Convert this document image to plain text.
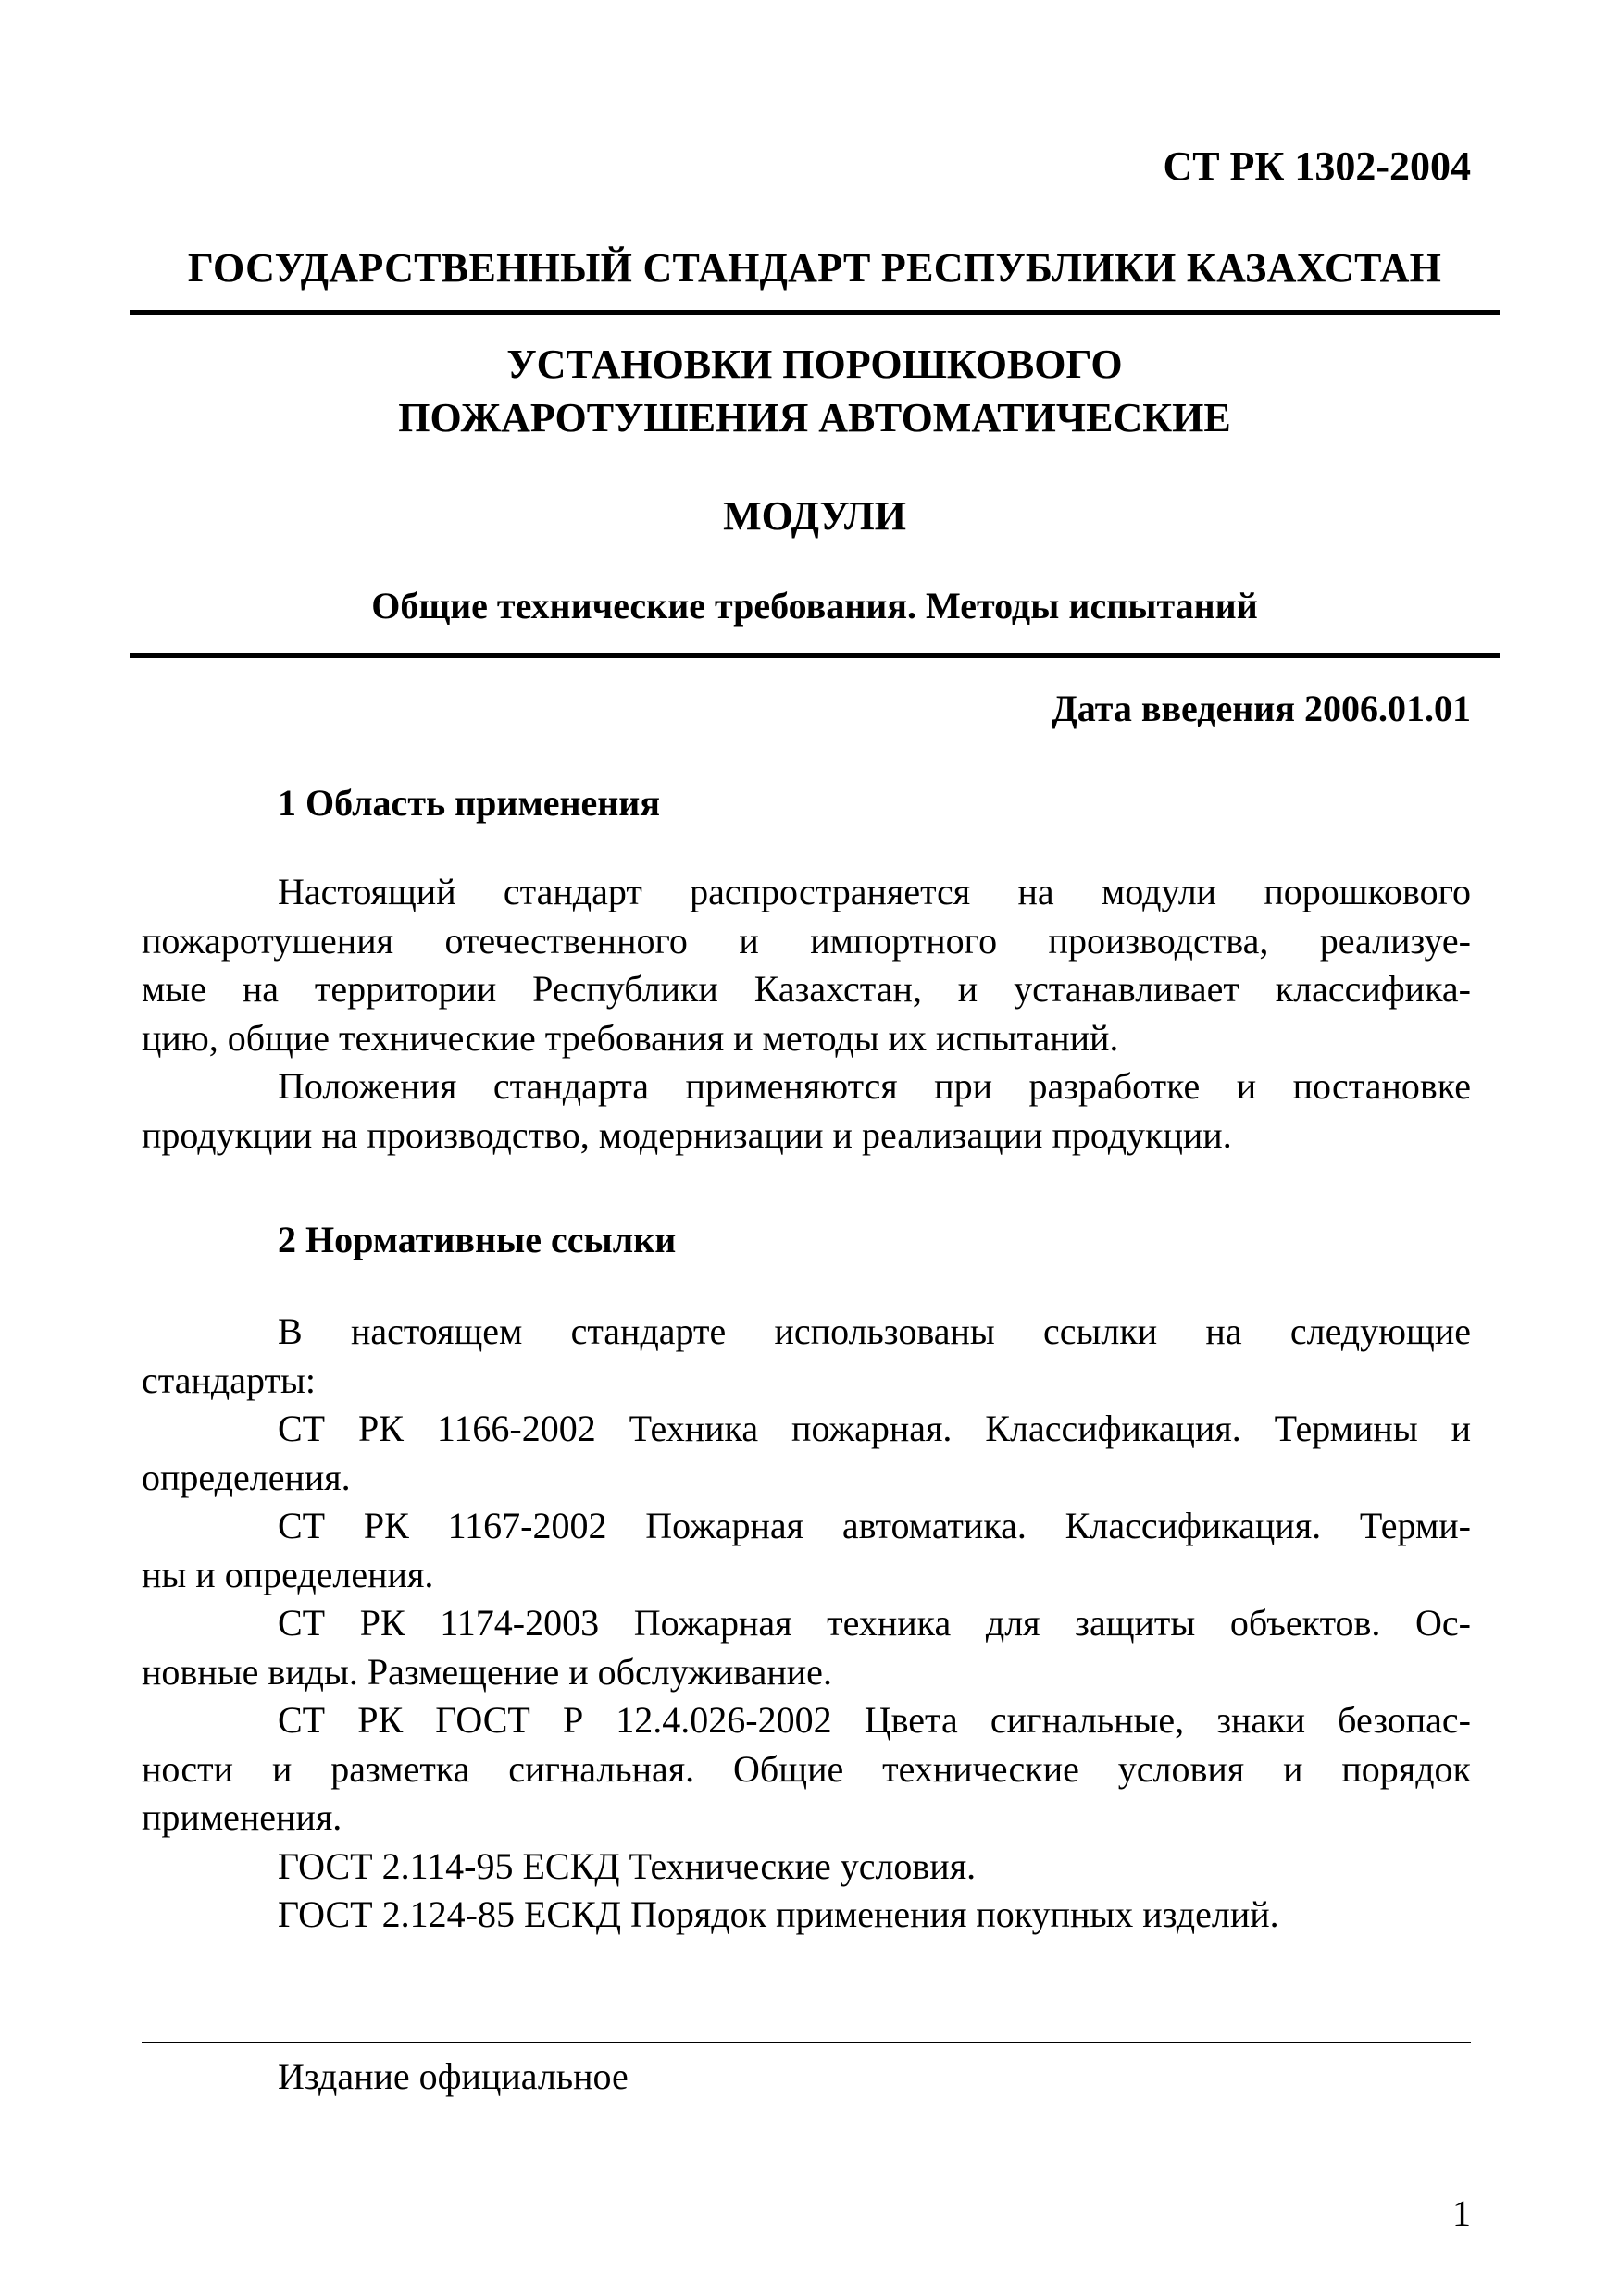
СТ РК 1302-2004
ГОСУДАРСТВЕННЫЙ СТАНДАРТ РЕСПУБЛИКИ КАЗАХСТАН
УСТАНОВКИ ПОРОШКОВОГО
ПОЖАРОТУШЕНИЯ АВТОМАТИЧЕСКИЕ
МОДУЛИ
Общие технические требования. Методы испытаний
Дата введения 2006.01.01
1 Область применения
Настоящий стандарт распространяется на модули порошкового
пожаротушения отечественного и импортного производства, реализуе-
мые на территории Республики Казахстан, и устанавливает классифика-
цию, общие технические требования и методы их испытаний.
Положения стандарта применяются при разработке и постановке
продукции на производство, модернизации и реализации продукции.
2 Нормативные ссылки
В настоящем стандарте использованы ссылки на следующие
стандарты:
СТ РК 1166-2002 Техника пожарная. Классификация. Термины и
определения.
СТ РК 1167-2002 Пожарная автоматика. Классификация. Терми-
ны и определения.
СТ РК 1174-2003 Пожарная техника для защиты объектов. Ос-
новные виды. Размещение и обслуживание.
СТ РК ГОСТ Р 12.4.026-2002 Цвета сигнальные, знаки безопас-
ности и разметка сигнальная. Общие технические условия и порядок
применения.
ГОСТ 2.114-95 ЕСКД Технические условия.
ГОСТ 2.124-85 ЕСКД Порядок применения покупных изделий.
Издание официальное
1
